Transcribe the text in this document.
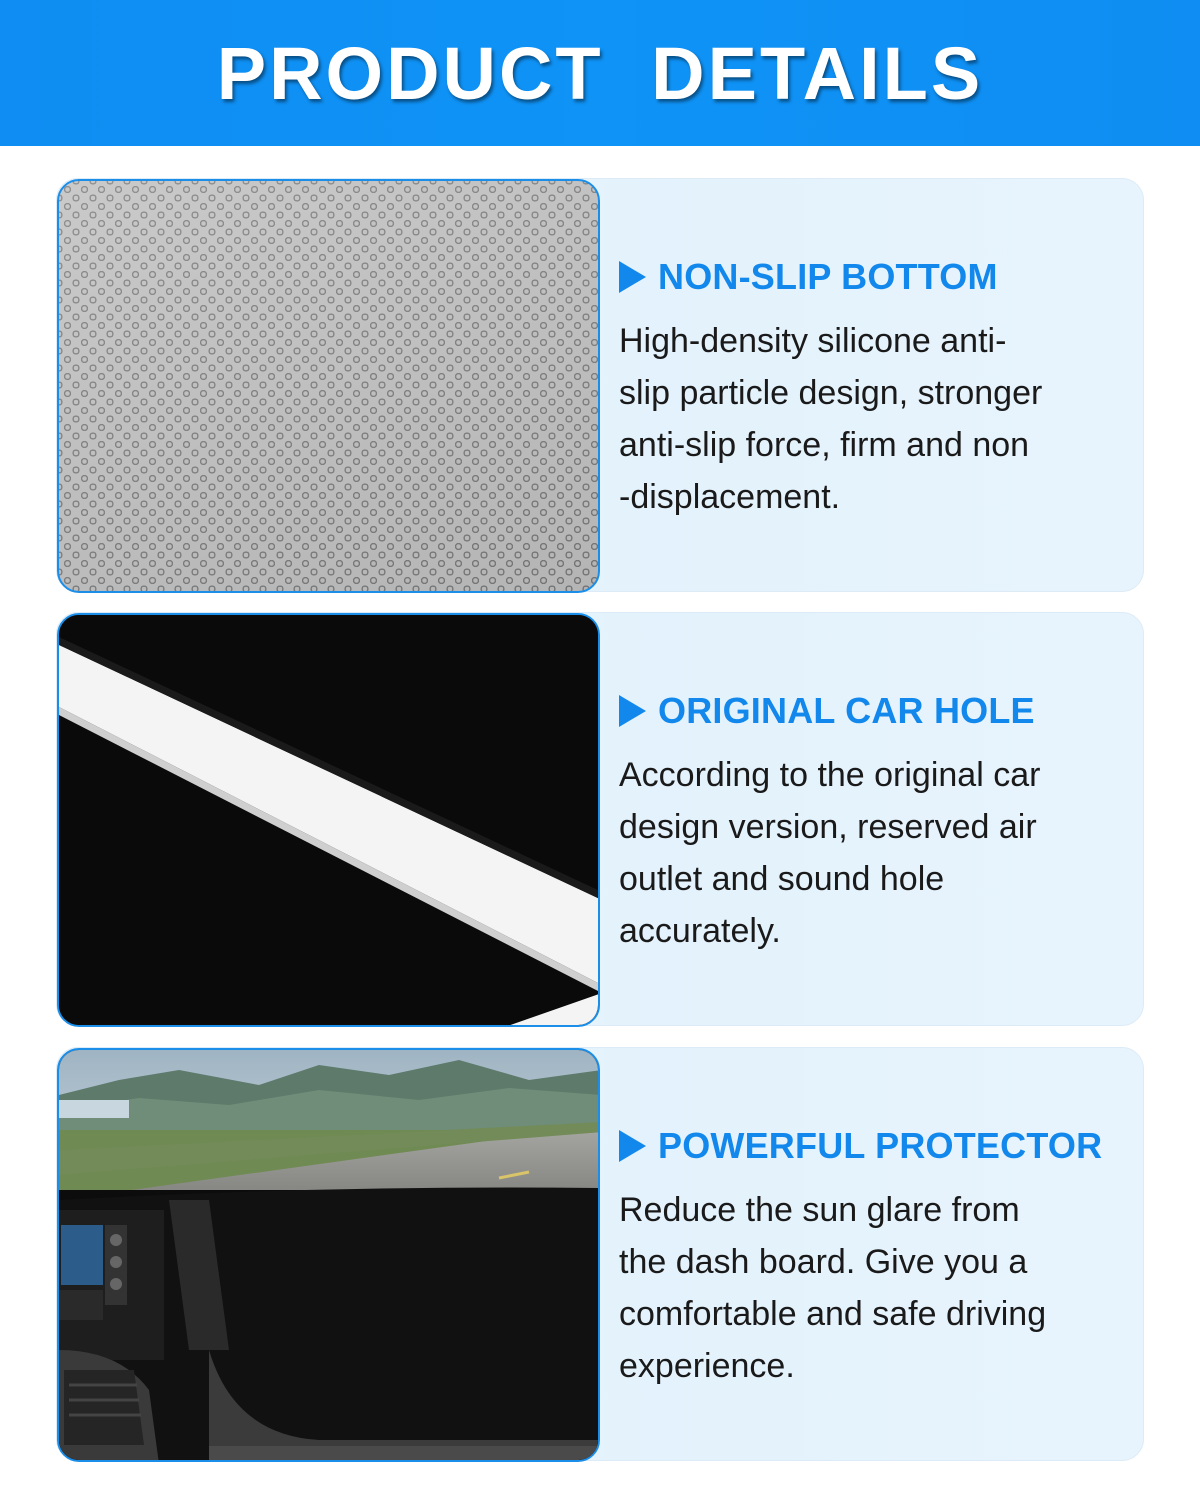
PRODUCT DETAILS
NON-SLIP BOTTOM
High-density silicone anti-
slip particle design, stronger
anti-slip force, firm and non
-displacement.
ORIGINAL CAR HOLE
According to the original car
design version, reserved air
outlet and sound hole
accurately.
POWERFUL PROTECTOR
Reduce the sun glare from
the dash board. Give you a
comfortable and safe driving
experience.
